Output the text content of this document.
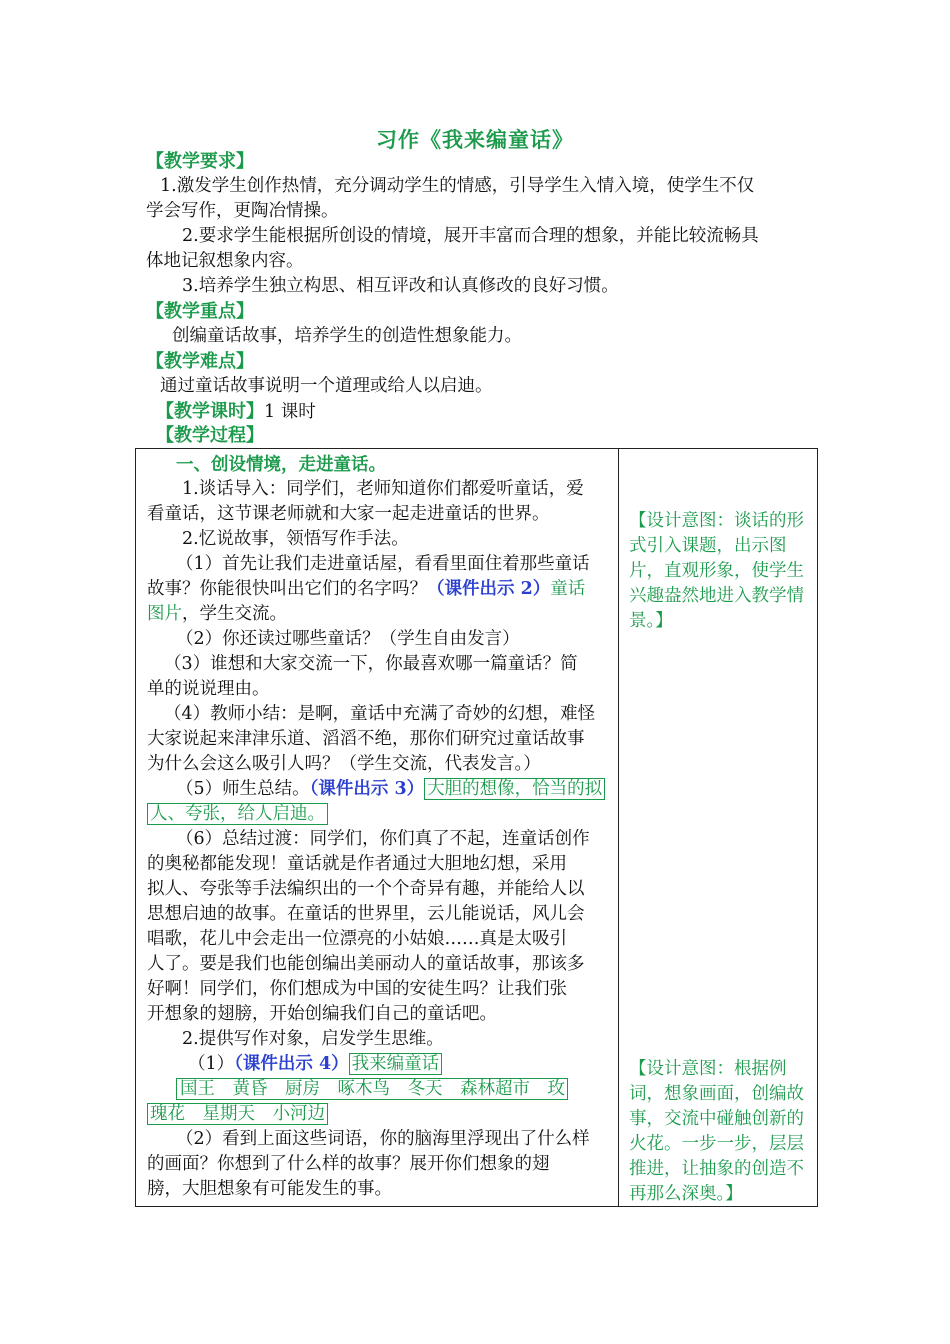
习作《我来编童话》
【教学要求】
1.激发学生创作热情，充分调动学生的情感，引导学生入情入境，使学生不仅
学会写作，更陶冶情操。
2.要求学生能根据所创设的情境，展开丰富而合理的想象，并能比较流畅具
体地记叙想象内容。
3.培养学生独立构思、相互评改和认真修改的良好习惯。
【教学重点】
创编童话故事，培养学生的创造性想象能力。
【教学难点】
通过童话故事说明一个道理或给人以启迪。
【教学课时】1 课时
【教学过程】
一、创设情境，走进童话。
1.谈话导入：同学们，老师知道你们都爱听童话，爱
看童话，这节课老师就和大家一起走进童话的世界。
2.忆说故事，领悟写作手法。
（1）首先让我们走进童话屋，看看里面住着那些童话
故事？你能很快叫出它们的名字吗？（课件出示 2）童话
图片，学生交流。
（2）你还读过哪些童话？（学生自由发言）
（3）谁想和大家交流一下，你最喜欢哪一篇童话？简
单的说说理由。
（4）教师小结：是啊，童话中充满了奇妙的幻想，难怪
大家说起来津津乐道、滔滔不绝，那你们研究过童话故事
为什么会这么吸引人吗？（学生交流，代表发言。）
（5）师生总结。（课件出示 3） 大胆的想像，恰当的拟
人、夸张，给人启迪。
（6）总结过渡：同学们，你们真了不起，连童话创作
的奥秘都能发现！童话就是作者通过大胆地幻想，采用
拟人、夸张等手法编织出的一个个奇异有趣，并能给人以
思想启迪的故事。在童话的世界里，云儿能说话，风儿会
唱歌，花儿中会走出一位漂亮的小姑娘……真是太吸引
人了。要是我们也能创编出美丽动人的童话故事，那该多
好啊！同学们，你们想成为中国的安徒生吗？让我们张
开想象的翅膀，开始创编我们自己的童话吧。
2.提供写作对象，启发学生思维。
（1）（课件出示 4） 我来编童话
国王　黄昏　厨房　啄木鸟　冬天　森林超市　玫
瑰花　星期天　小河边
（2）看到上面这些词语，你的脑海里浮现出了什么样
的画面？你想到了什么样的故事？展开你们想象的翅
膀，大胆想象有可能发生的事。

【设计意图：谈话的形式引入课题，出示图片，直观形象，使学生兴趣盎然地进入教学情景。】
【设计意图：根据例词，想象画面，创编故事，交流中碰触创新的火花。一步一步，层层推进，让抽象的创造不再那么深奥。】
